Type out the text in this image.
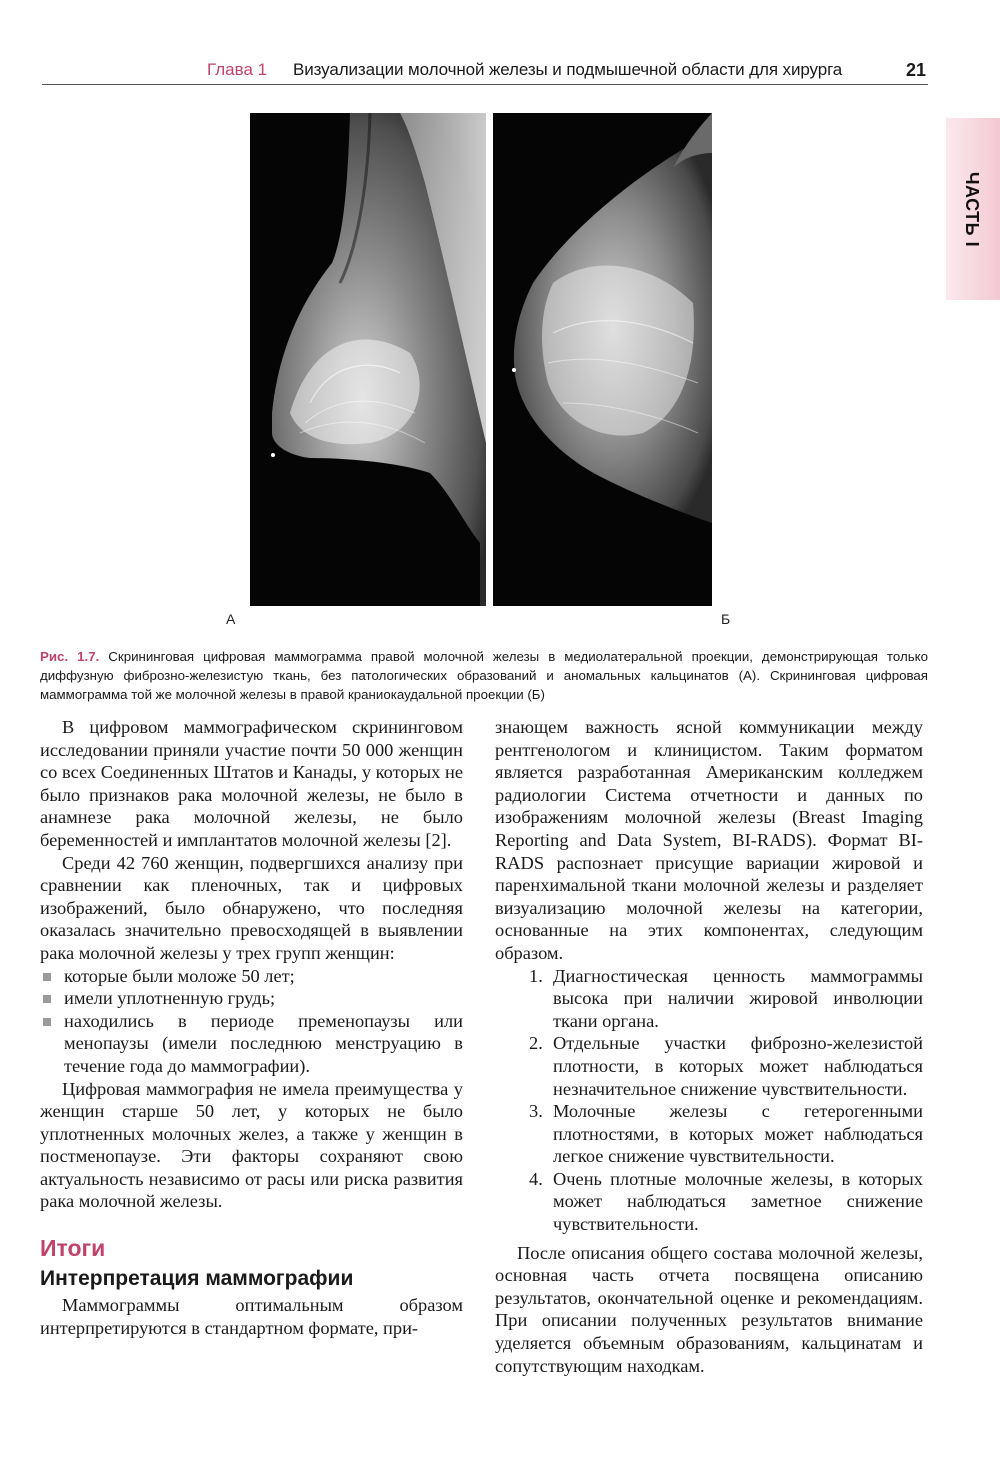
Глава 1 Визуализации молочной железы и подмышечной области для хирурга	21
ЧАСТЬ I
А	Б
Рис. 1.7. Скрининговая цифровая маммограмма правой молочной железы в медиолатеральной проекции, демонстрирующая только диффузную фиброзно-железистую ткань, без патологических образований и аномальных кальцинатов (А). Скрининговая цифровая маммограмма той же молочной железы в правой краниокаудальной проекции (Б)

В цифровом маммографическом скрининговом исследовании приняли участие почти 50 000 женщин со всех Соединенных Штатов и Канады, у которых не было признаков рака молочной железы, не было в анамнезе рака молочной железы, не было беременностей и имплантатов молочной железы [2].

Среди 42 760 женщин, подвергшихся анализу при сравнении как пленочных, так и цифровых изображений, было обнаружено, что последняя оказалась значительно превосходящей в выявлении рака молочной железы у трех групп женщин:

которые были моложе 50 лет;
имели уплотненную грудь;
находились в периоде пременопаузы или менопаузы (имели последнюю менструацию в течение года до маммографии).

Цифровая маммография не имела преимущества у женщин старше 50 лет, у которых не было уплотненных молочных желез, а также у женщин в постменопаузе. Эти факторы сохраняют свою актуальность независимо от расы или риска развития рака молочной железы.

Итоги
Интерпретация маммографии

Маммограммы оптимальным образом интерпретируются в стандартном формате, при-

знающем важность ясной коммуникации между рентгенологом и клиницистом. Таким форматом является разработанная Американским колледжем радиологии Система отчетности и данных по изображениям молочной железы (Breast Imaging Reporting and Data System, BI-RADS). Формат BI-RADS распознает присущие вариации жировой и паренхимальной ткани молочной железы и разделяет визуализацию молочной железы на категории, основанные на этих компонентах, следующим образом.

1. Диагностическая ценность маммограммы высока при наличии жировой инволюции ткани органа.
2. Отдельные участки фиброзно-железистой плотности, в которых может наблюдаться незначительное снижение чувствительности.
3. Молочные железы с гетерогенными плотностями, в которых может наблюдаться легкое снижение чувствительности.
4. Очень плотные молочные железы, в которых может наблюдаться заметное снижение чувствительности.

После описания общего состава молочной железы, основная часть отчета посвящена описанию результатов, окончательной оценке и рекомендациям. При описании полученных результатов внимание уделяется объемным образованиям, кальцинатам и сопутствующим находкам.
